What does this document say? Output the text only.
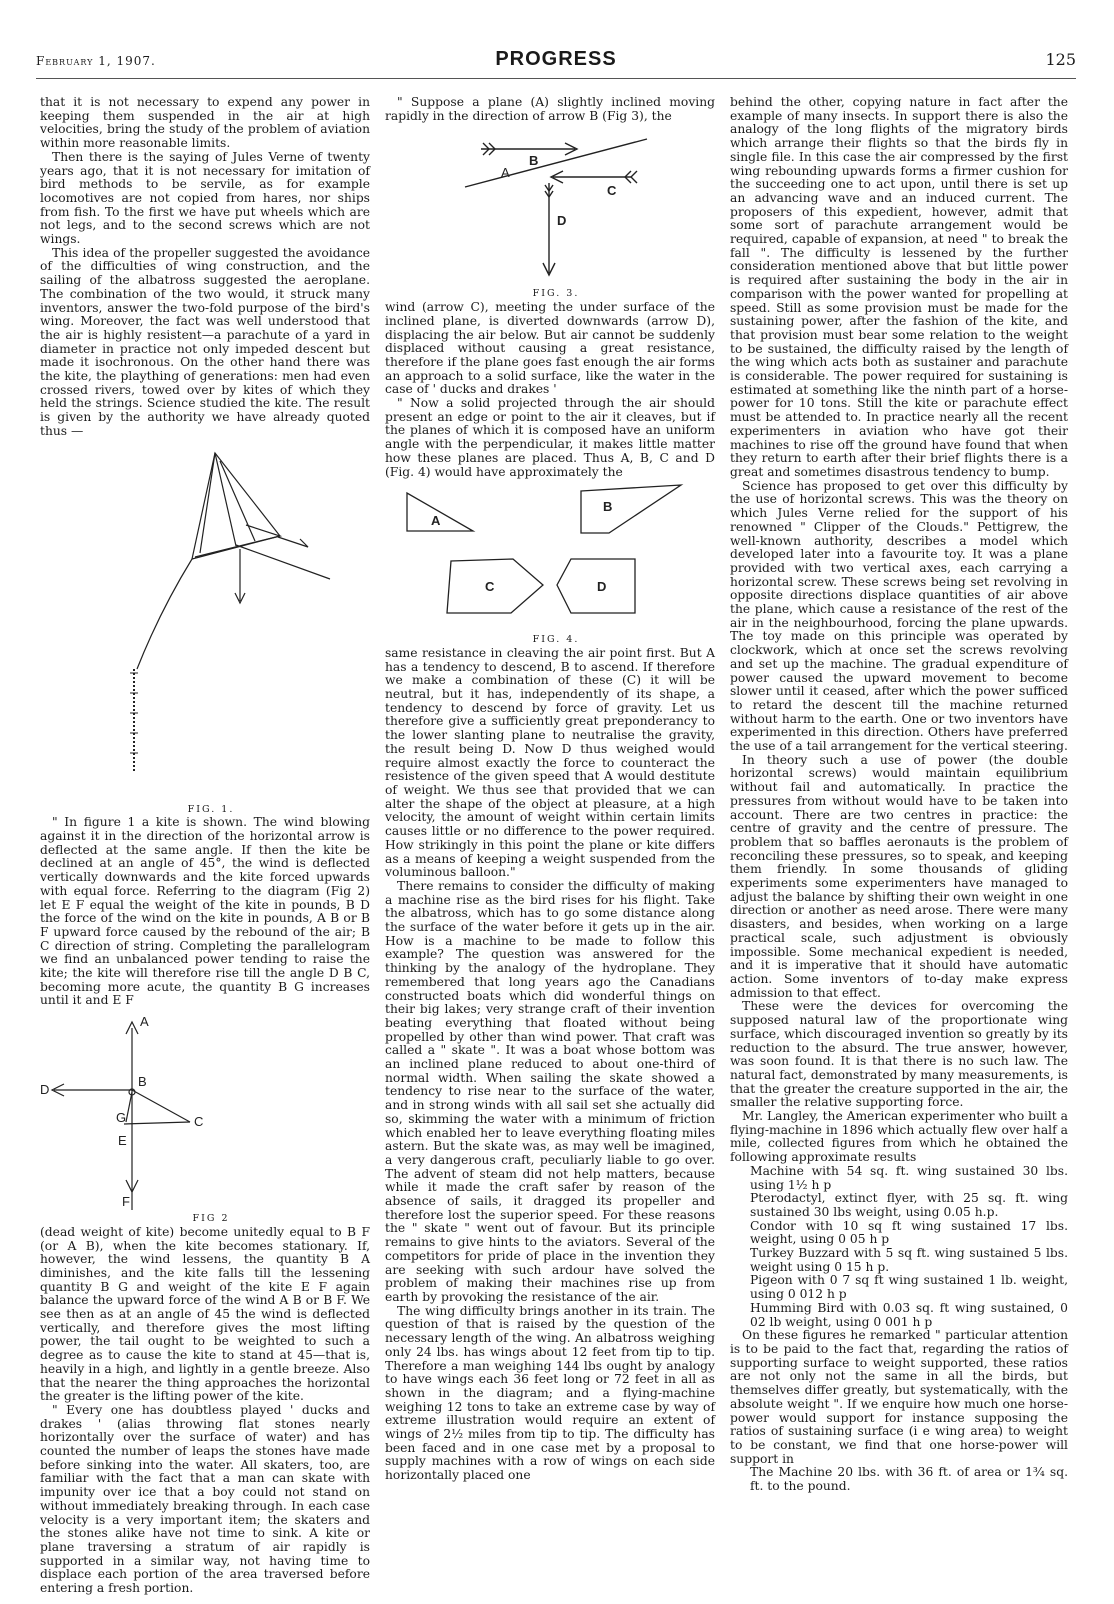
February 1, 1907.	PROGRESS	125

that it is not necessary to expend any power in keeping them suspended in the air at high velocities, bring the study of the problem of aviation within more reasonable limits.

Then there is the saying of Jules Verne of twenty years ago, that it is not necessary for imitation of bird methods to be servile, as for example locomotives are not copied from hares, nor ships from fish. To the first we have put wheels which are not legs, and to the second screws which are not wings.

This idea of the propeller suggested the avoidance of the difficulties of wing construction, and the sailing of the albatross suggested the aeroplane. The combination of the two would, it struck many inventors, answer the two-fold purpose of the bird's wing. Moreover, the fact was well understood that the air is highly resistent—a parachute of a yard in diameter in practice not only impeded descent but made it isochronous. On the other hand there was the kite, the plaything of generations: men had even crossed rivers, towed over by kites of which they held the strings. Science studied the kite. The result is given by the authority we have already quoted thus —

FIG. 1.

" In figure 1 a kite is shown. The wind blowing against it in the direction of the horizontal arrow is deflected at the same angle. If then the kite be declined at an angle of 45°, the wind is deflected vertically downwards and the kite forced upwards with equal force. Referring to the diagram (Fig 2) let E F equal the weight of the kite in pounds, B D the force of the wind on the kite in pounds, A B or B F upward force caused by the rebound of the air; B C direction of string. Completing the parallelogram we find an unbalanced power tending to raise the kite; the kite will therefore rise till the angle D B C, becoming more acute, the quantity B G increases until it and E F

A
B
C
D
E
F
G

FIG 2

(dead weight of kite) become unitedly equal to B F (or A B), when the kite becomes stationary. If, however, the wind lessens, the quantity B A diminishes, and the kite falls till the lessening quantity B G and weight of the kite E F again balance the upward force of the wind A B or B F. We see then as at an angle of 45 the wind is deflected vertically, and therefore gives the most lifting power, the tail ought to be weighted to such a degree as to cause the kite to stand at 45—that is, heavily in a high, and lightly in a gentle breeze. Also that the nearer the thing approaches the horizontal the greater is the lifting power of the kite.

" Every one has doubtless played ' ducks and drakes ' (alias throwing flat stones nearly horizontally over the surface of water) and has counted the number of leaps the stones have made before sinking into the water. All skaters, too, are familiar with the fact that a man can skate with impunity over ice that a boy could not stand on without immediately breaking through. In each case velocity is a very important item; the skaters and the stones alike have not time to sink. A kite or plane traversing a stratum of air rapidly is supported in a similar way, not having time to displace each portion of the area traversed before entering a fresh portion.

" Suppose a plane (A) slightly inclined moving rapidly in the direction of arrow B (Fig 3), the

A
B
C
D

FIG. 3.

wind (arrow C), meeting the under surface of the inclined plane, is diverted downwards (arrow D), displacing the air below. But air cannot be suddenly displaced without causing a great resistance, therefore if the plane goes fast enough the air forms an approach to a solid surface, like the water in the case of ' ducks and drakes '

" Now a solid projected through the air should present an edge or point to the air it cleaves, but if the planes of which it is composed have an uniform angle with the perpendicular, it makes little matter how these planes are placed. Thus A, B, C and D (Fig. 4) would have approximately the

A
B
C	D

FIG. 4.

same resistance in cleaving the air point first. But A has a tendency to descend, B to ascend. If therefore we make a combination of these (C) it will be neutral, but it has, independently of its shape, a tendency to descend by force of gravity. Let us therefore give a sufficiently great preponderancy to the lower slanting plane to neutralise the gravity, the result being D. Now D thus weighed would require almost exactly the force to counteract the resistence of the given speed that A would destitute of weight. We thus see that provided that we can alter the shape of the object at pleasure, at a high velocity, the amount of weight within certain limits causes little or no difference to the power required. How strikingly in this point the plane or kite differs as a means of keeping a weight suspended from the voluminous balloon."

There remains to consider the difficulty of making a machine rise as the bird rises for his flight. Take the albatross, which has to go some distance along the surface of the water before it gets up in the air. How is a machine to be made to follow this example? The question was answered for the thinking by the analogy of the hydroplane. They remembered that long years ago the Canadians constructed boats which did wonderful things on their big lakes; very strange craft of their invention beating everything that floated without being propelled by other than wind power. That craft was called a " skate ". It was a boat whose bottom was an inclined plane reduced to about one-third of normal width. When sailing the skate showed a tendency to rise near to the surface of the water, and in strong winds with all sail set she actually did so, skimming the water with a minimum of friction which enabled her to leave everything floating miles astern. But the skate was, as may well be imagined, a very dangerous craft, peculiarly liable to go over. The advent of steam did not help matters, because while it made the craft safer by reason of the absence of sails, it dragged its propeller and therefore lost the superior speed. For these reasons the " skate " went out of favour. But its principle remains to give hints to the aviators. Several of the competitors for pride of place in the invention they are seeking with such ardour have solved the problem of making their machines rise up from earth by provoking the resistance of the air.

The wing difficulty brings another in its train. The question of that is raised by the question of the necessary length of the wing. An albatross weighing only 24 lbs. has wings about 12 feet from tip to tip. Therefore a man weighing 144 lbs ought by analogy to have wings each 36 feet long or 72 feet in all as shown in the diagram; and a flying-machine weighing 12 tons to take an extreme case by way of extreme illustration would require an extent of wings of 2½ miles from tip to tip. The difficulty has been faced and in one case met by a proposal to supply machines with a row of wings on each side horizontally placed one

behind the other, copying nature in fact after the example of many insects. In support there is also the analogy of the long flights of the migratory birds which arrange their flights so that the birds fly in single file. In this case the air compressed by the first wing rebounding upwards forms a firmer cushion for the succeeding one to act upon, until there is set up an advancing wave and an induced current. The proposers of this expedient, however, admit that some sort of parachute arrangement would be required, capable of expansion, at need " to break the fall ". The difficulty is lessened by the further consideration mentioned above that but little power is required after sustaining the body in the air in comparison with the power wanted for propelling at speed. Still as some provision must be made for the sustaining power, after the fashion of the kite, and that provision must bear some relation to the weight to be sustained, the difficulty raised by the length of the wing which acts both as sustainer and parachute is considerable. The power required for sustaining is estimated at something like the ninth part of a horse-power for 10 tons. Still the kite or parachute effect must be attended to. In practice nearly all the recent experimenters in aviation who have got their machines to rise off the ground have found that when they return to earth after their brief flights there is a great and sometimes disastrous tendency to bump.

Science has proposed to get over this difficulty by the use of horizontal screws. This was the theory on which Jules Verne relied for the support of his renowned " Clipper of the Clouds." Pettigrew, the well-known authority, describes a model which developed later into a favourite toy. It was a plane provided with two vertical axes, each carrying a horizontal screw. These screws being set revolving in opposite directions displace quantities of air above the plane, which cause a resistance of the rest of the air in the neighbourhood, forcing the plane upwards. The toy made on this principle was operated by clockwork, which at once set the screws revolving and set up the machine. The gradual expenditure of power caused the upward movement to become slower until it ceased, after which the power sufficed to retard the descent till the machine returned without harm to the earth. One or two inventors have experimented in this direction. Others have preferred the use of a tail arrangement for the vertical steering.

In theory such a use of power (the double horizontal screws) would maintain equilibrium without fail and automatically. In practice the pressures from without would have to be taken into account. There are two centres in practice: the centre of gravity and the centre of pressure. The problem that so baffles aeronauts is the problem of reconciling these pressures, so to speak, and keeping them friendly. In some thousands of gliding experiments some experimenters have managed to adjust the balance by shifting their own weight in one direction or another as need arose. There were many disasters, and besides, when working on a large practical scale, such adjustment is obviously impossible. Some mechanical expedient is needed, and it is imperative that it should have automatic action. Some inventors of to-day make express admission to that effect.

These were the devices for overcoming the supposed natural law of the proportionate wing surface, which discouraged invention so greatly by its reduction to the absurd. The true answer, however, was soon found. It is that there is no such law. The natural fact, demonstrated by many measurements, is that the greater the creature supported in the air, the smaller the relative supporting force.

Mr. Langley, the American experimenter who built a flying-machine in 1896 which actually flew over half a mile, collected figures from which he obtained the following approximate results

Machine with 54 sq. ft. wing sustained 30 lbs. using 1½ h p

Pterodactyl, extinct flyer, with 25 sq. ft. wing sustained 30 lbs weight, using 0.05 h.p.

Condor with 10 sq ft wing sustained 17 lbs. weight, using 0 05 h p

Turkey Buzzard with 5 sq ft. wing sustained 5 lbs. weight using 0 15 h p.

Pigeon with 0 7 sq ft wing sustained 1 lb. weight, using 0 012 h p

Humming Bird with 0.03 sq. ft wing sustained, 0 02 lb weight, using 0 001 h p

On these figures he remarked " particular attention is to be paid to the fact that, regarding the ratios of supporting surface to weight supported, these ratios are not only not the same in all the birds, but themselves differ greatly, but systematically, with the absolute weight ". If we enquire how much one horse-power would support for instance supposing the ratios of sustaining surface (i e wing area) to weight to be constant, we find that one horse-power will support in

The Machine 20 lbs. with 36 ft. of area or 1¾ sq. ft. to the pound.
